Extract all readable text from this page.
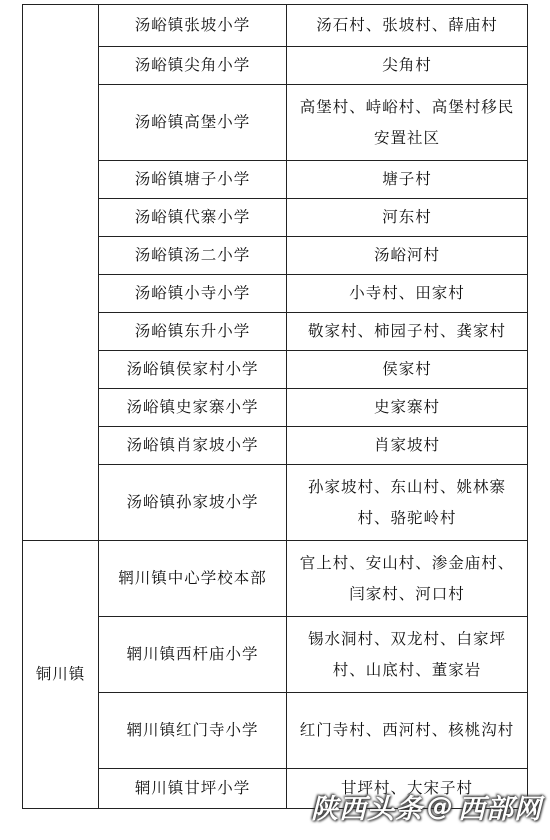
	汤峪镇张坡小学	汤石村、张坡村、薛庙村
	汤峪镇尖角小学	尖角村
	汤峪镇高堡小学	高堡村、峙峪村、高堡村移民安置社区
	汤峪镇塘子小学	塘子村
	汤峪镇代寨小学	河东村
	汤峪镇汤二小学	汤峪河村
	汤峪镇小寺小学	小寺村、田家村
	汤峪镇东升小学	敬家村、柿园子村、龚家村
	汤峪镇侯家村小学	侯家村
	汤峪镇史家寨小学	史家寨村
	汤峪镇肖家坡小学	肖家坡村
	汤峪镇孙家坡小学	孙家坡村、东山村、姚林寨村、骆驼岭村
铜川镇	辋川镇中心学校本部	官上村、安山村、渗金庙村、闫家村、河口村
	辋川镇西杆庙小学	锡水洞村、双龙村、白家坪村、山底村、董家岩
	辋川镇红门寺小学	红门寺村、西河村、核桃沟村
	辋川镇甘坪小学	甘坪村、大宋子村
陕西头条 @ 西部网
